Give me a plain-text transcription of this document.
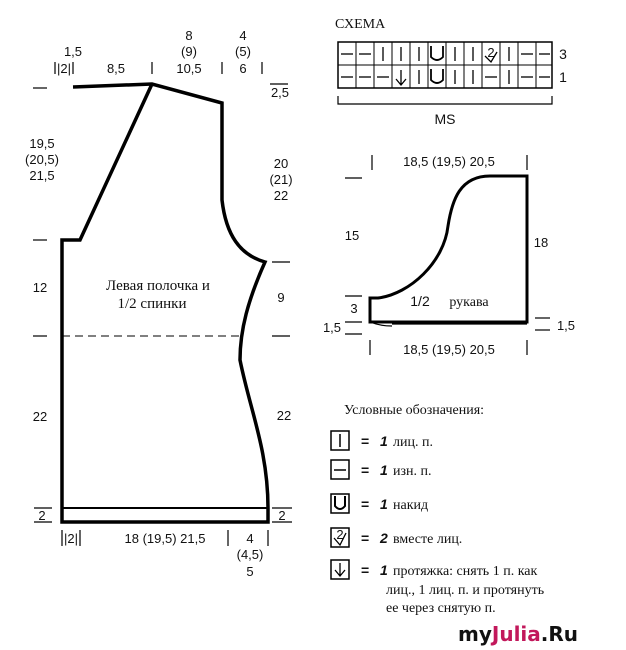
1,5
|2|	8,5
8
(9)
10,5
4
(5)
6
2,5
19,5
(20,5)
21,5
12
22
2
20
(21)
22
9
22
2
|2|	18 (19,5) 21,5	4
(4,5)
5
Левая полочка и
1/2 спинки
СХЕМА
2	3
1
MS
18,5 (19,5) 20,5
18,5 (19,5) 20,5
15	18
3
1,5	1,5
1/2 рукава
Условные обозначения:
= 1 лиц. п.
= 1 изн. п.
= 1 накид
2 = 2 вместе лиц.
= 1 протяжка: снять 1 п. как
лиц., 1 лиц. п. и протянуть
ее через снятую п.
myJulia.Ru
